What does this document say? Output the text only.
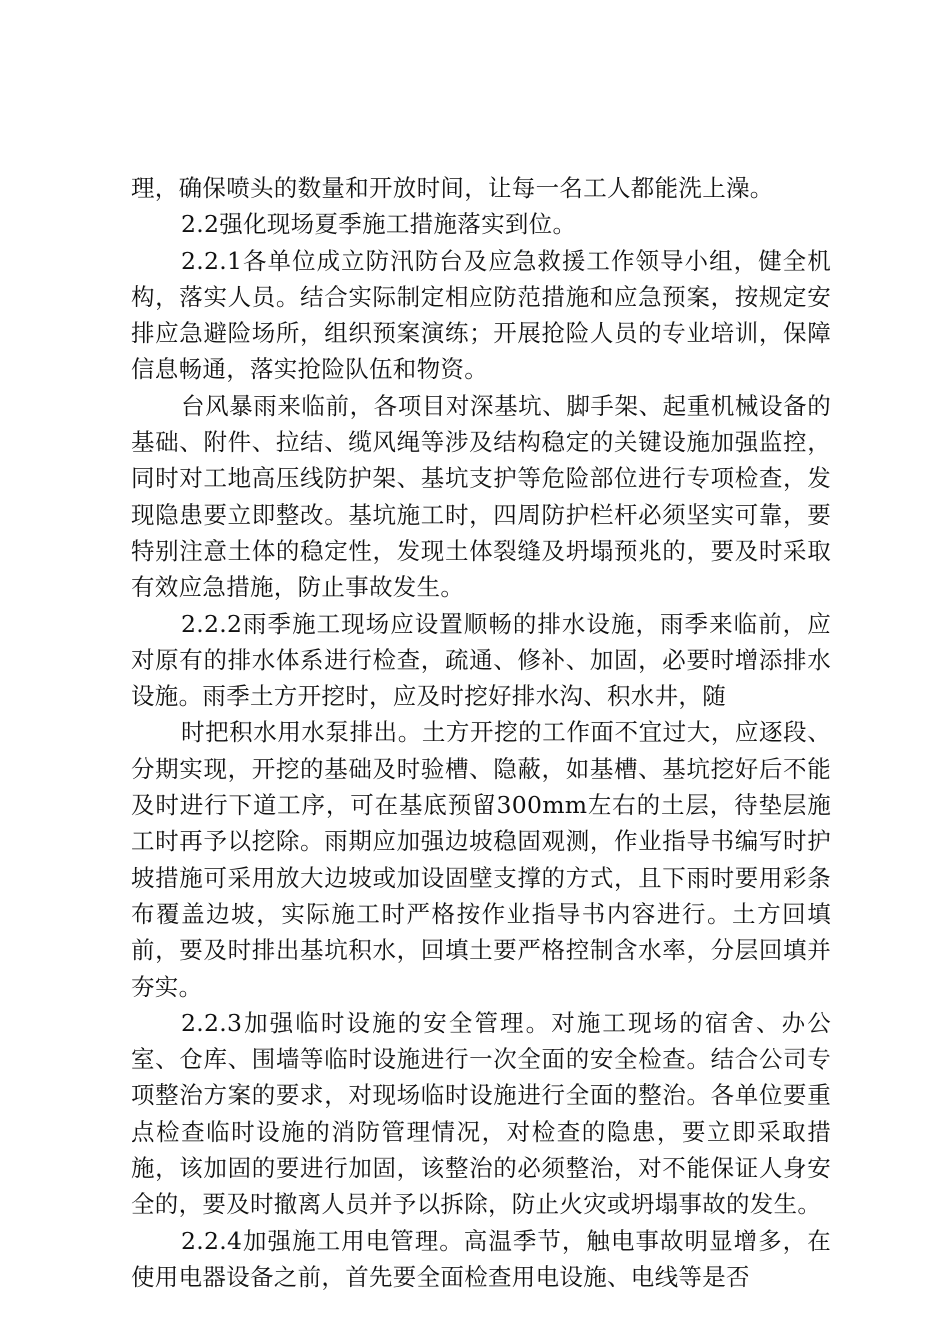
理，确保喷头的数量和开放时间，让每一名工人都能洗上澡。

2.2强化现场夏季施工措施落实到位。

2.2.1各单位成立防汛防台及应急救援工作领导小组，健全机构，落实人员。结合实际制定相应防范措施和应急预案，按规定安排应急避险场所，组织预案演练；开展抢险人员的专业培训，保障信息畅通，落实抢险队伍和物资。

台风暴雨来临前，各项目对深基坑、脚手架、起重机械设备的基础、附件、拉结、缆风绳等涉及结构稳定的关键设施加强监控，同时对工地高压线防护架、基坑支护等危险部位进行专项检查，发现隐患要立即整改。基坑施工时，四周防护栏杆必须坚实可靠，要特别注意土体的稳定性，发现土体裂缝及坍塌预兆的，要及时采取有效应急措施，防止事故发生。

2.2.2雨季施工现场应设置顺畅的排水设施，雨季来临前，应对原有的排水体系进行检查，疏通、修补、加固，必要时增添排水设施。雨季土方开挖时，应及时挖好排水沟、积水井，随

时把积水用水泵排出。土方开挖的工作面不宜过大，应逐段、分期实现，开挖的基础及时验槽、隐蔽，如基槽、基坑挖好后不能及时进行下道工序，可在基底预留300mm左右的土层，待垫层施工时再予以挖除。雨期应加强边坡稳固观测，作业指导书编写时护坡措施可采用放大边坡或加设固壁支撑的方式，且下雨时要用彩条布覆盖边坡，实际施工时严格按作业指导书内容进行。土方回填前，要及时排出基坑积水，回填土要严格控制含水率，分层回填并夯实。

2.2.3加强临时设施的安全管理。对施工现场的宿舍、办公室、仓库、围墙等临时设施进行一次全面的安全检查。结合公司专项整治方案的要求，对现场临时设施进行全面的整治。各单位要重点检查临时设施的消防管理情况，对检查的隐患，要立即采取措施，该加固的要进行加固，该整治的必须整治，对不能保证人身安全的，要及时撤离人员并予以拆除，防止火灾或坍塌事故的发生。

2.2.4加强施工用电管理。高温季节，触电事故明显增多，在使用电器设备之前，首先要全面检查用电设施、电线等是否
